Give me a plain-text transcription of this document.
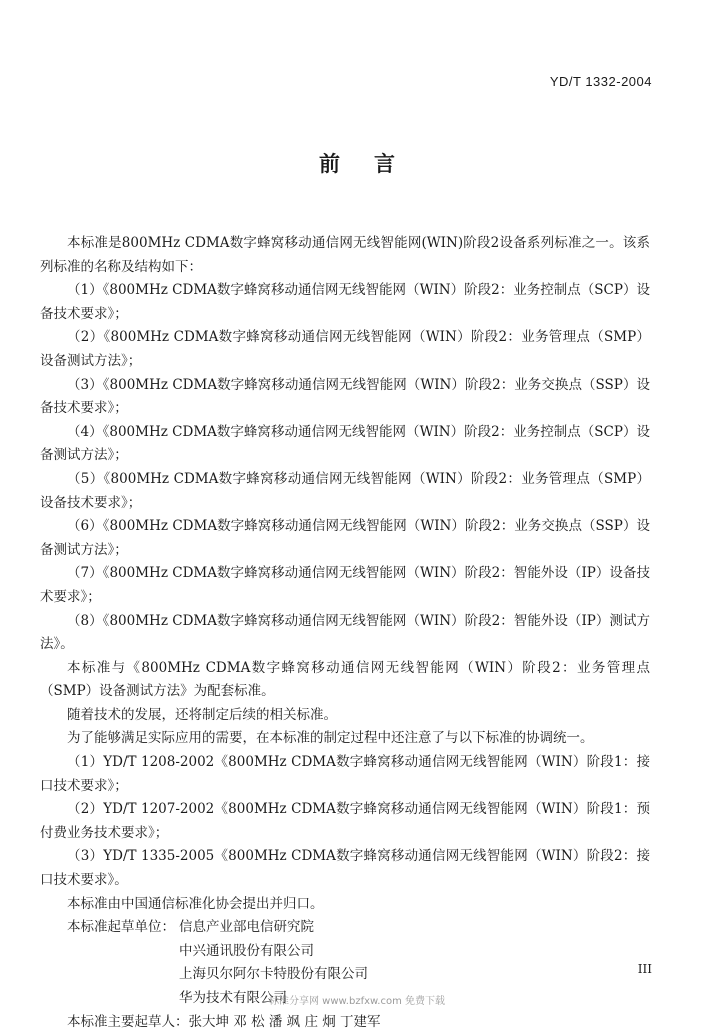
YD/T 1332-2004
前言

本标准是800MHz CDMA数字蜂窝移动通信网无线智能网(WIN)阶段2设备系列标准之一。该系列标准的名称及结构如下：

（1）《800MHz CDMA数字蜂窝移动通信网无线智能网（WIN）阶段2：业务控制点（SCP）设备技术要求》；

（2）《800MHz CDMA数字蜂窝移动通信网无线智能网（WIN）阶段2：业务管理点（SMP）设备测试方法》；

（3）《800MHz CDMA数字蜂窝移动通信网无线智能网（WIN）阶段2：业务交换点（SSP）设备技术要求》；

（4）《800MHz CDMA数字蜂窝移动通信网无线智能网（WIN）阶段2：业务控制点（SCP）设备测试方法》；

（5）《800MHz CDMA数字蜂窝移动通信网无线智能网（WIN）阶段2：业务管理点（SMP）设备技术要求》；

（6）《800MHz CDMA数字蜂窝移动通信网无线智能网（WIN）阶段2：业务交换点（SSP）设备测试方法》；

（7）《800MHz CDMA数字蜂窝移动通信网无线智能网（WIN）阶段2：智能外设（IP）设备技术要求》；

（8）《800MHz CDMA数字蜂窝移动通信网无线智能网（WIN）阶段2：智能外设（IP）测试方法》。

本标准与《800MHz CDMA数字蜂窝移动通信网无线智能网（WIN）阶段2：业务管理点（SMP）设备测试方法》为配套标准。

随着技术的发展，还将制定后续的相关标准。

为了能够满足实际应用的需要，在本标准的制定过程中还注意了与以下标准的协调统一。

（1）YD/T 1208-2002《800MHz CDMA数字蜂窝移动通信网无线智能网（WIN）阶段1：接口技术要求》；

（2）YD/T 1207-2002《800MHz CDMA数字蜂窝移动通信网无线智能网（WIN）阶段1：预付费业务技术要求》；

（3）YD/T 1335-2005《800MHz CDMA数字蜂窝移动通信网无线智能网（WIN）阶段2：接口技术要求》。

本标准由中国通信标准化协会提出并归口。

本标准起草单位： 信息产业部电信研究院
中兴通讯股份有限公司
上海贝尔阿尔卡特股份有限公司
华为技术有限公司

本标准主要起草人：张大坤 邓 松 潘 飒 庄 炯 丁建军

III
标准分享网 www.bzfxw.com 免费下载
